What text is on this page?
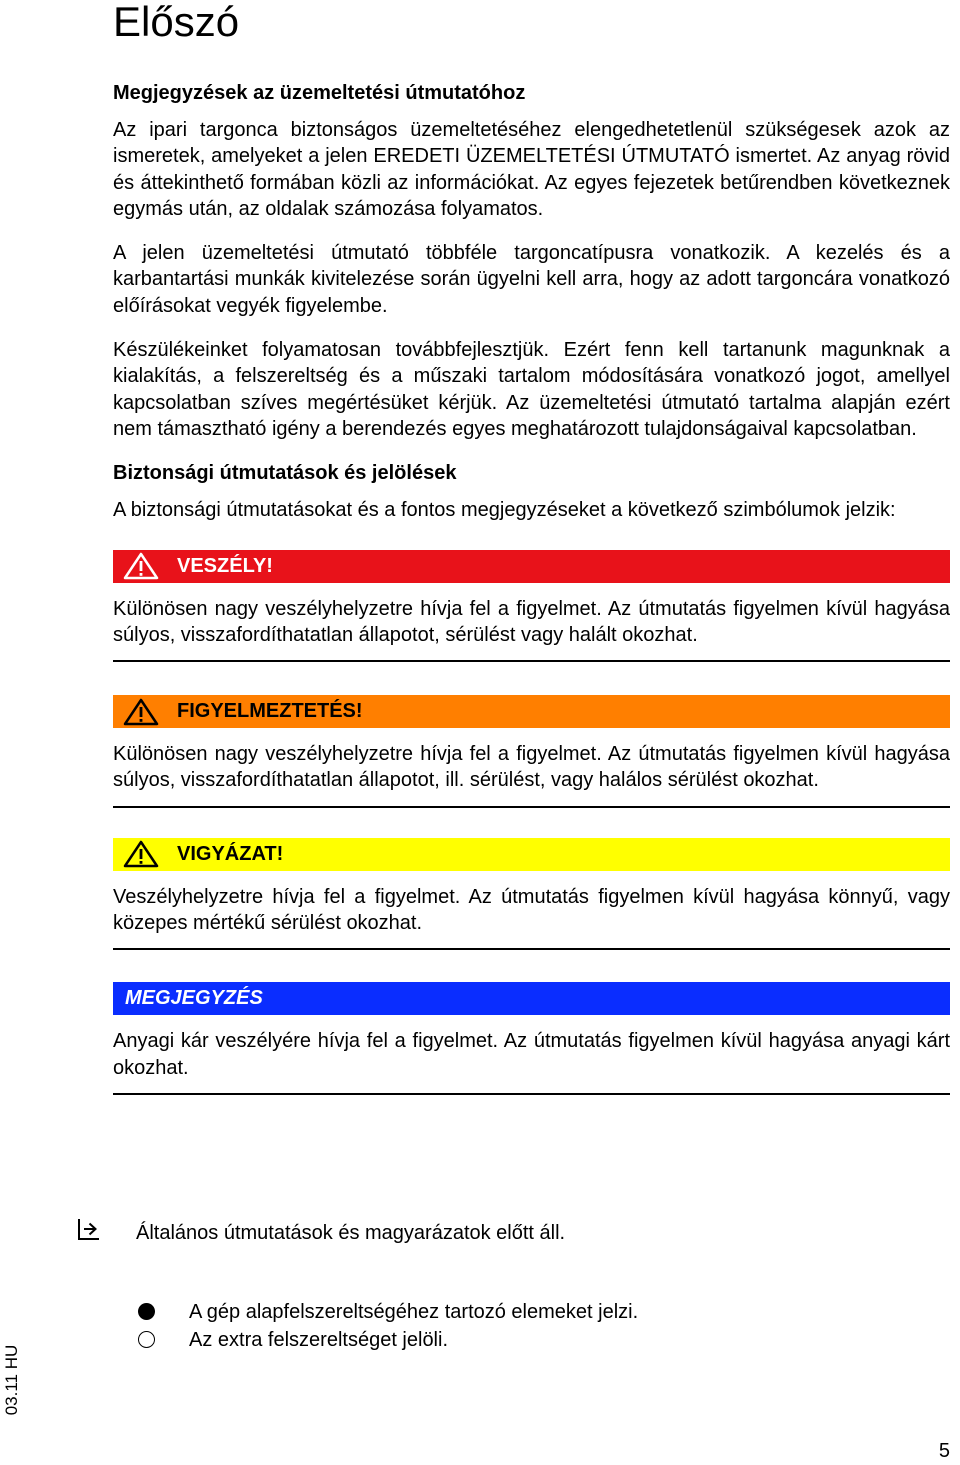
Előszó
Megjegyzések az üzemeltetési útmutatóhoz

Az ipari targonca biztonságos üzemeltetéséhez elengedhetetlenül szükségesek azok az ismeretek, amelyeket a jelen EREDETI ÜZEMELTETÉSI ÚTMUTATÓ ismertet. Az anyag rövid és áttekinthető formában közli az információkat. Az egyes fejezetek betűrendben következnek egymás után, az oldalak számozása folyamatos.

A jelen üzemeltetési útmutató többféle targoncatípusra vonatkozik. A kezelés és a karbantartási munkák kivitelezése során ügyelni kell arra, hogy az adott targoncára vonatkozó előírásokat vegyék figyelembe.

Készülékeinket folyamatosan továbbfejlesztjük. Ezért fenn kell tartanunk magunknak a kialakítás, a felszereltség és a műszaki tartalom módosítására vonatkozó jogot, amellyel kapcsolatban szíves megértésüket kérjük. Az üzemeltetési útmutató tartalma alapján ezért nem támasztható igény a berendezés egyes meghatározott tulajdonságaival kapcsolatban.

Biztonsági útmutatások és jelölések

A biztonsági útmutatásokat és a fontos megjegyzéseket a következő szimbólumok jelzik:

VESZÉLY!

Különösen nagy veszélyhelyzetre hívja fel a figyelmet. Az útmutatás figyelmen kívül hagyása súlyos, visszafordíthatatlan állapotot, sérülést vagy halált okozhat.

FIGYELMEZTETÉS!

Különösen nagy veszélyhelyzetre hívja fel a figyelmet. Az útmutatás figyelmen kívül hagyása súlyos, visszafordíthatatlan állapotot, ill. sérülést, vagy halálos sérülést okozhat.

VIGYÁZAT!

Veszélyhelyzetre hívja fel a figyelmet. Az útmutatás figyelmen kívül hagyása könnyű, vagy közepes mértékű sérülést okozhat.

MEGJEGYZÉS

Anyagi kár veszélyére hívja fel a figyelmet. Az útmutatás figyelmen kívül hagyása anyagi kárt okozhat.

Általános útmutatások és magyarázatok előtt áll.
A gép alapfelszereltségéhez tartozó elemeket jelzi.
Az extra felszereltséget jelöli.
03.11 HU
5
